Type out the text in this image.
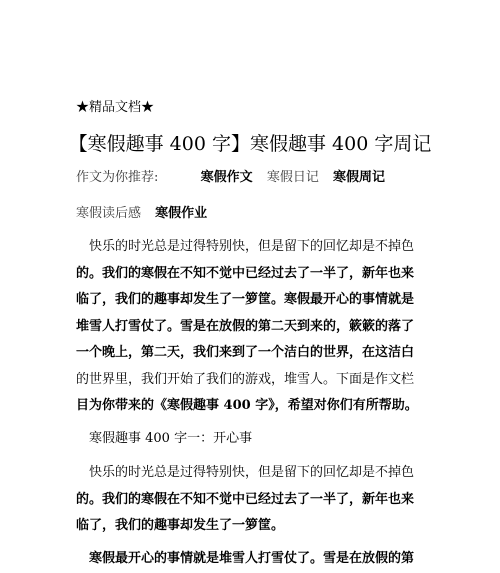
★精品文档★
【寒假趣事 400 字】寒假趣事 400 字周记
作文为你推荐:	寒假作文 寒假日记 寒假周记
寒假读后感 寒假作业
快乐的时光总是过得特别快，但是留下的回忆却是不掉色
的。我们的寒假在不知不觉中已经过去了一半了，新年也来
临了，我们的趣事却发生了一箩筐。寒假最开心的事情就是
堆雪人打雪仗了。雪是在放假的第二天到来的，簌簌的落了
一个晚上，第二天，我们来到了一个洁白的世界，在这洁白
的世界里，我们开始了我们的游戏，堆雪人。下面是作文栏
目为你带来的《寒假趣事 400 字》，希望对你们有所帮助。
寒假趣事 400 字一：开心事
快乐的时光总是过得特别快，但是留下的回忆却是不掉色
的。我们的寒假在不知不觉中已经过去了一半了，新年也来
临了，我们的趣事却发生了一箩筐。
寒假最开心的事情就是堆雪人打雪仗了。雪是在放假的第
